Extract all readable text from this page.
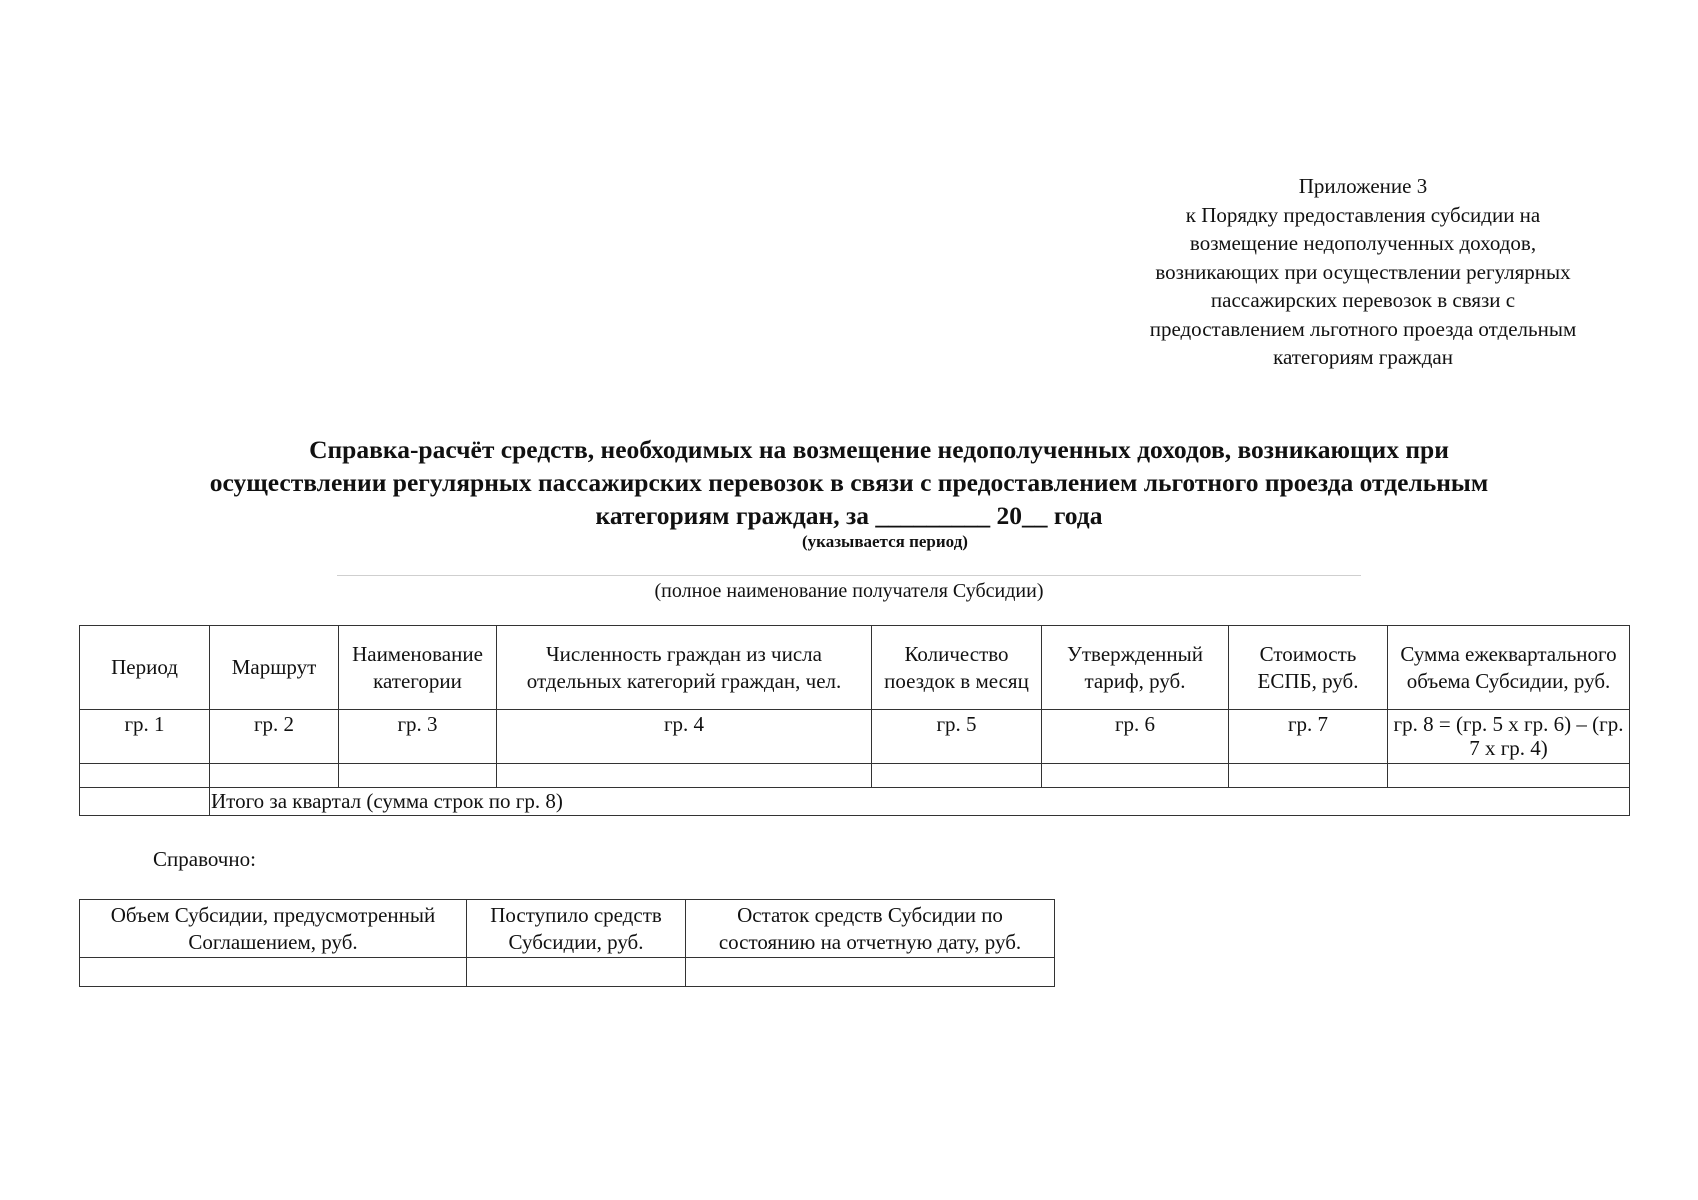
Приложение 3
к Порядку предоставления субсидии на
возмещение недополученных доходов,
возникающих при осуществлении регулярных
пассажирских перевозок в связи с
предоставлением льготного проезда отдельным
категориям граждан
Справка-расчёт средств, необходимых на возмещение недополученных доходов, возникающих при
осуществлении регулярных пассажирских перевозок в связи с предоставлением льготного проезда отдельным
категориям граждан, за _________ 20__ года
(указывается период)
(полное наименование получателя Субсидии)
Период	Маршрут	Наименование категории	Численность граждан из числа отдельных категорий граждан, чел.	Количество поездок в месяц	Утвержденный тариф, руб.	Стоимость ЕСПБ, руб.	Сумма ежеквартального объема Субсидии, руб.
гр. 1	гр. 2	гр. 3	гр. 4	гр. 5	гр. 6	гр. 7	гр. 8 = (гр. 5 х гр. 6) – (гр. 7 х гр. 4)

	Итого за квартал (сумма строк по гр. 8)						
Справочно:
Объем Субсидии, предусмотренный Соглашением, руб.	Поступило средств Субсидии, руб.	Остаток средств Субсидии по состоянию на отчетную дату, руб.
